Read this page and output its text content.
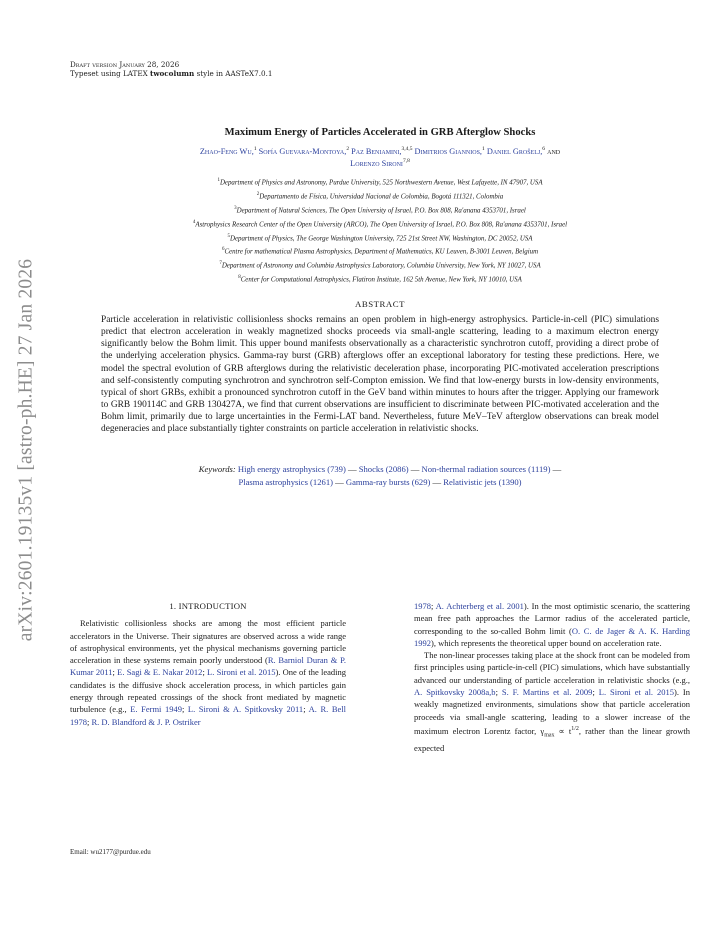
arXiv:2601.19135v1 [astro-ph.HE] 27 Jan 2026
Draft version January 28, 2026
Typeset using LATEX twocolumn style in AASTeX7.0.1
Maximum Energy of Particles Accelerated in GRB Afterglow Shocks
Zhao-Feng Wu,$^1$ Sofía Guevara-Montoya,$^2$ Paz Beniamini,$^{3,4,5}$ Dimitrios Giannios,$^1$ Daniel Grošelj,$^6$ and
Lorenzo Sironi$^{7,8}$
$^1$Department of Physics and Astronomy, Purdue University, 525 Northwestern Avenue, West Lafayette, IN 47907, USA
$^2$Departamento de Física, Universidad Nacional de Colombia, Bogotá 111321, Colombia
$^3$Department of Natural Sciences, The Open University of Israel, P.O. Box 808, Ra'anana 4353701, Israel
$^4$Astrophysics Research Center of the Open University (ARCO), The Open University of Israel, P.O. Box 808, Ra'anana 4353701, Israel
$^5$Department of Physics, The George Washington University, 725 21st Street NW, Washington, DC 20052, USA
$^6$Centre for mathematical Plasma Astrophysics, Department of Mathematics, KU Leuven, B-3001 Leuven, Belgium
$^7$Department of Astronomy and Columbia Astrophysics Laboratory, Columbia University, New York, NY 10027, USA
$^8$Center for Computational Astrophysics, Flatiron Institute, 162 5th Avenue, New York, NY 10010, USA
ABSTRACT
Particle acceleration in relativistic collisionless shocks remains an open problem in high-energy astrophysics. Particle-in-cell (PIC) simulations predict that electron acceleration in weakly magnetized shocks proceeds via small-angle scattering, leading to a maximum electron energy significantly below the Bohm limit. This upper bound manifests observationally as a characteristic synchrotron cutoff, providing a direct probe of the underlying acceleration physics. Gamma-ray burst (GRB) afterglows offer an exceptional laboratory for testing these predictions. Here, we model the spectral evolution of GRB afterglows during the relativistic deceleration phase, incorporating PIC-motivated acceleration prescriptions and self-consistently computing synchrotron and synchrotron self-Compton emission. We find that low-energy bursts in low-density environments, typical of short GRBs, exhibit a pronounced synchrotron cutoff in the GeV band within minutes to hours after the trigger. Applying our framework to GRB 190114C and GRB 130427A, we find that current observations are insufficient to discriminate between PIC-motivated acceleration and the Bohm limit, primarily due to large uncertainties in the Fermi-LAT band. Nevertheless, future MeV–TeV afterglow observations can break model degeneracies and place substantially tighter constraints on particle acceleration in relativistic shocks.
Keywords: High energy astrophysics (739) — Shocks (2086) — Non-thermal radiation sources (1119) —
Plasma astrophysics (1261) — Gamma-ray bursts (629) — Relativistic jets (1390)
1. INTRODUCTION

Relativistic collisionless shocks are among the most efficient particle accelerators in the Universe. Their signatures are observed across a wide range of astrophysical environments, yet the physical mechanisms governing particle acceleration in these systems remain poorly understood (R. Barniol Duran & P. Kumar 2011; E. Sagi & E. Nakar 2012; L. Sironi et al. 2015). One of the leading candidates is the diffusive shock acceleration process, in which particles gain energy through repeated crossings of the shock front mediated by magnetic turbulence (e.g., E. Fermi 1949; L. Sironi & A. Spitkovsky 2011; A. R. Bell 1978; R. D. Blandford & J. P. Ostriker

1978; A. Achterberg et al. 2001). In the most optimistic scenario, the scattering mean free path approaches the Larmor radius of the accelerated particle, corresponding to the so-called Bohm limit (O. C. de Jager & A. K. Harding 1992), which represents the theoretical upper bound on acceleration rate.

The non-linear processes taking place at the shock front can be modeled from first principles using particle-in-cell (PIC) simulations, which have substantially advanced our understanding of particle acceleration in relativistic shocks (e.g., A. Spitkovsky 2008a,b; S. F. Martins et al. 2009; L. Sironi et al. 2015). In weakly magnetized environments, simulations show that particle acceleration proceeds via small-angle scattering, leading to a slower increase of the maximum electron Lorentz factor, $\gamma_{max} \propto t^{1/2}$, rather than the linear growth expected

Email: wu2177@purdue.edu
